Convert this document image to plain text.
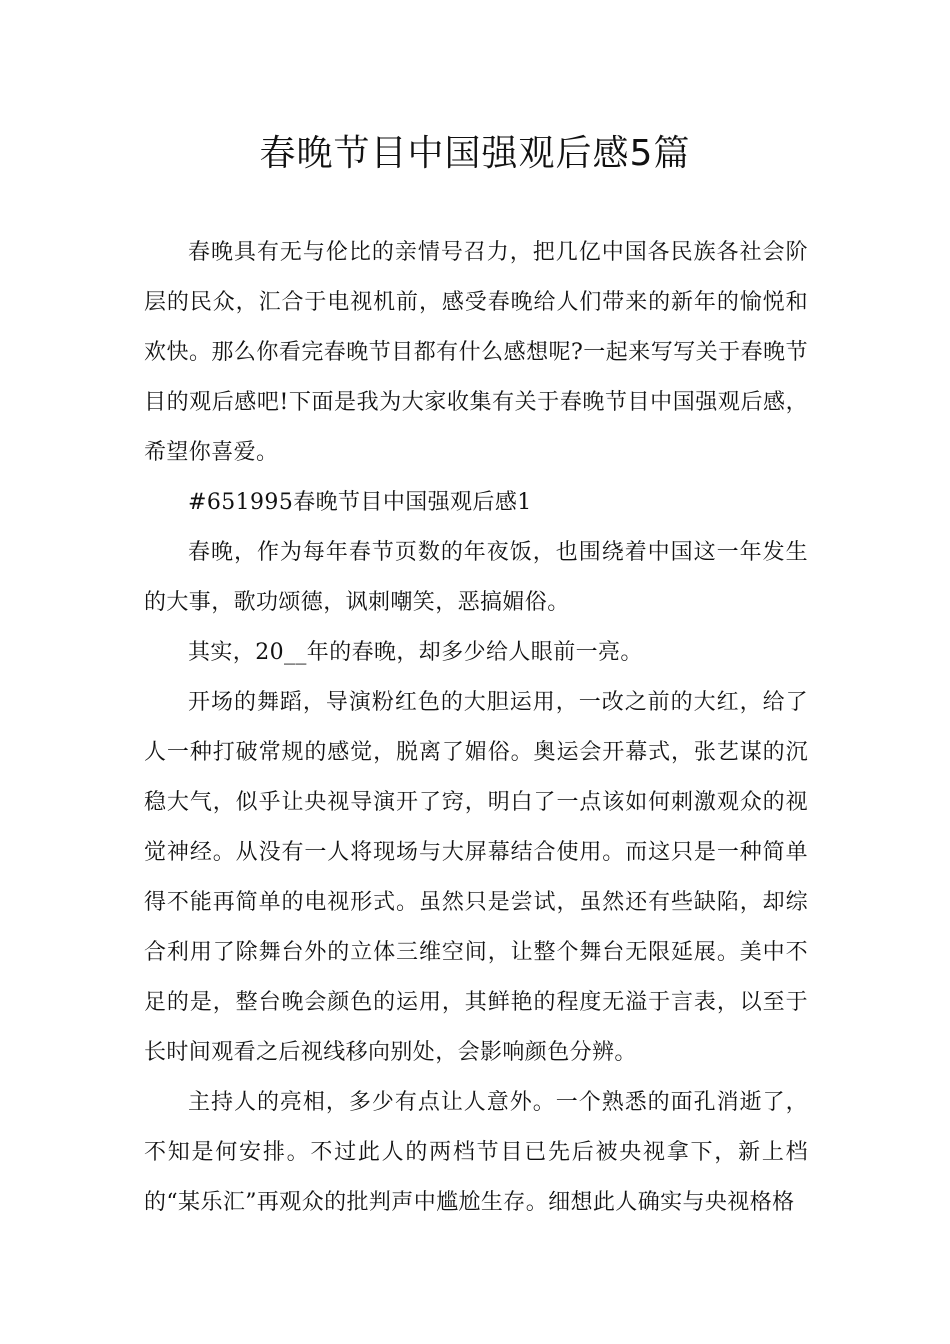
春晚节目中国强观后感5篇

春晚具有无与伦比的亲情号召力，把几亿中国各民族各社会阶层的民众，汇合于电视机前，感受春晚给人们带来的新年的愉悦和欢快。那么你看完春晚节目都有什么感想呢?一起来写写关于春晚节目的观后感吧!下面是我为大家收集有关于春晚节目中国强观后感，希望你喜爱。

#651995春晚节目中国强观后感1

春晚，作为每年春节页数的年夜饭，也围绕着中国这一年发生的大事，歌功颂德，讽刺嘲笑，恶搞媚俗。

其实，20__年的春晚，却多少给人眼前一亮。

开场的舞蹈，导演粉红色的大胆运用，一改之前的大红，给了人一种打破常规的感觉，脱离了媚俗。奥运会开幕式，张艺谋的沉稳大气，似乎让央视导演开了窍，明白了一点该如何刺激观众的视觉神经。从没有一人将现场与大屏幕结合使用。而这只是一种简单得不能再简单的电视形式。虽然只是尝试，虽然还有些缺陷，却综合利用了除舞台外的立体三维空间，让整个舞台无限延展。美中不足的是，整台晚会颜色的运用，其鲜艳的程度无溢于言表，以至于长时间观看之后视线移向别处，会影响颜色分辨。

主持人的亮相，多少有点让人意外。一个熟悉的面孔消逝了，不知是何安排。不过此人的两档节目已先后被央视拿下，新上档的“某乐汇”再观众的批判声中尴尬生存。细想此人确实与央视格格
